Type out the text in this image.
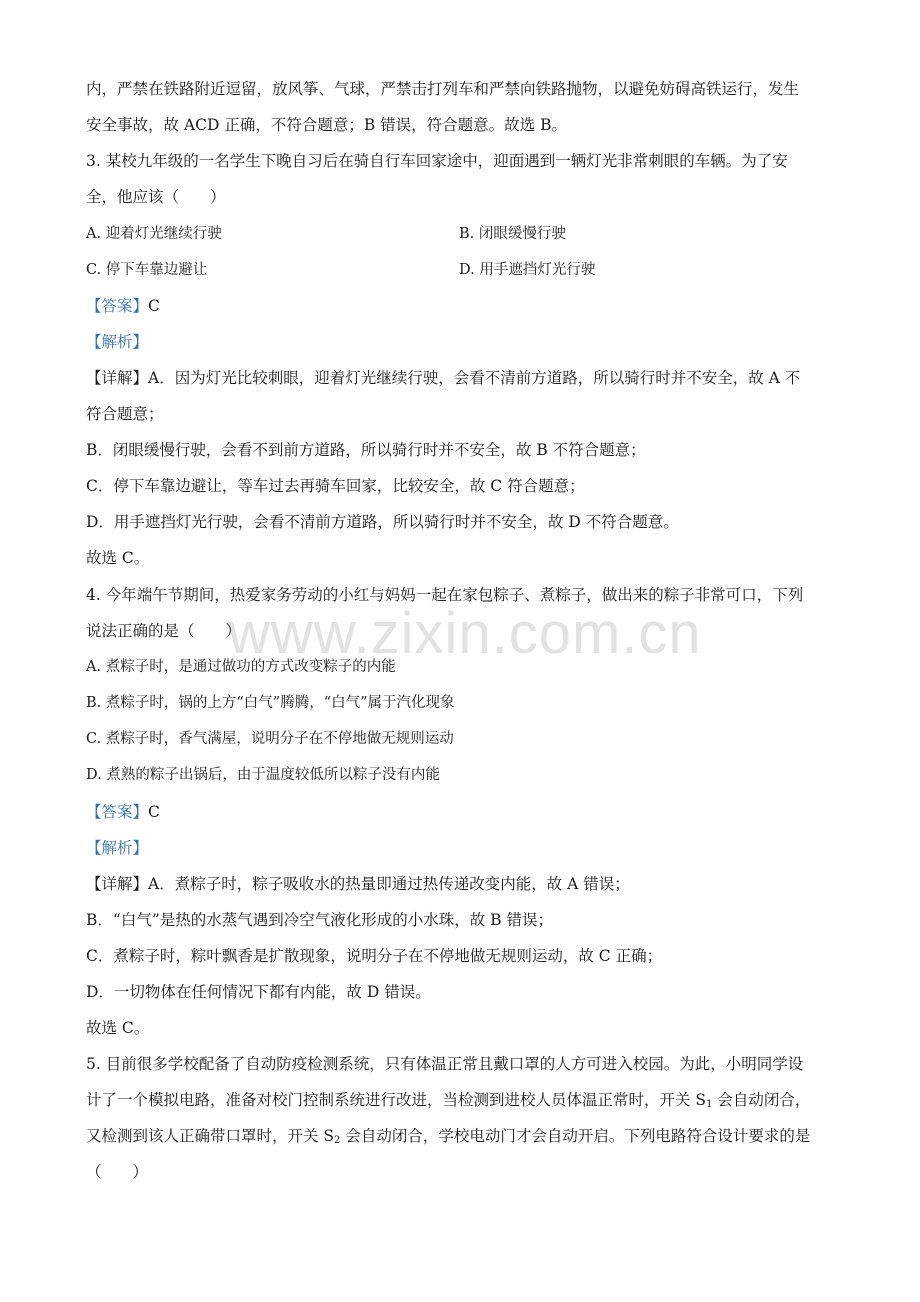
www.zixin.com.cn
内，严禁在铁路附近逗留，放风筝、气球，严禁击打列车和严禁向铁路抛物，以避免妨碍高铁运行，发生
安全事故，故 ACD 正确，不符合题意；B 错误，符合题意。故选 B。
3. 某校九年级的一名学生下晚自习后在骑自行车回家途中，迎面遇到一辆灯光非常刺眼的车辆。为了安
全，他应该（　　）
A. 迎着灯光继续行驶	B. 闭眼缓慢行驶
C. 停下车靠边避让	D. 用手遮挡灯光行驶
【答案】C
【解析】
【详解】A．因为灯光比较刺眼，迎着灯光继续行驶，会看不清前方道路，所以骑行时并不安全，故 A 不
符合题意；
B．闭眼缓慢行驶，会看不到前方道路，所以骑行时并不安全，故 B 不符合题意；
C．停下车靠边避让，等车过去再骑车回家，比较安全，故 C 符合题意；
D．用手遮挡灯光行驶，会看不清前方道路，所以骑行时并不安全，故 D 不符合题意。
故选 C。
4. 今年端午节期间，热爱家务劳动的小红与妈妈一起在家包粽子、煮粽子，做出来的粽子非常可口，下列
说法正确的是（　　）
A. 煮粽子时，是通过做功的方式改变粽子的内能
B. 煮粽子时，锅的上方“白气”腾腾，“白气”属于汽化现象
C. 煮粽子时，香气满屋，说明分子在不停地做无规则运动
D. 煮熟的粽子出锅后，由于温度较低所以粽子没有内能
【答案】C
【解析】
【详解】A．煮粽子时，粽子吸收水的热量即通过热传递改变内能，故 A 错误；
B．“白气”是热的水蒸气遇到冷空气液化形成的小水珠，故 B 错误；
C．煮粽子时，粽叶飘香是扩散现象，说明分子在不停地做无规则运动，故 C 正确；
D．一切物体在任何情况下都有内能，故 D 错误。
故选 C。
5. 目前很多学校配备了自动防疫检测系统，只有体温正常且戴口罩的人方可进入校园。为此，小明同学设
计了一个模拟电路，准备对校门控制系统进行改进，当检测到进校人员体温正常时，开关 $S_1$ 会自动闭合，
又检测到该人正确带口罩时，开关 $S_2$ 会自动闭合，学校电动门才会自动开启。下列电路符合设计要求的是
（　　）
